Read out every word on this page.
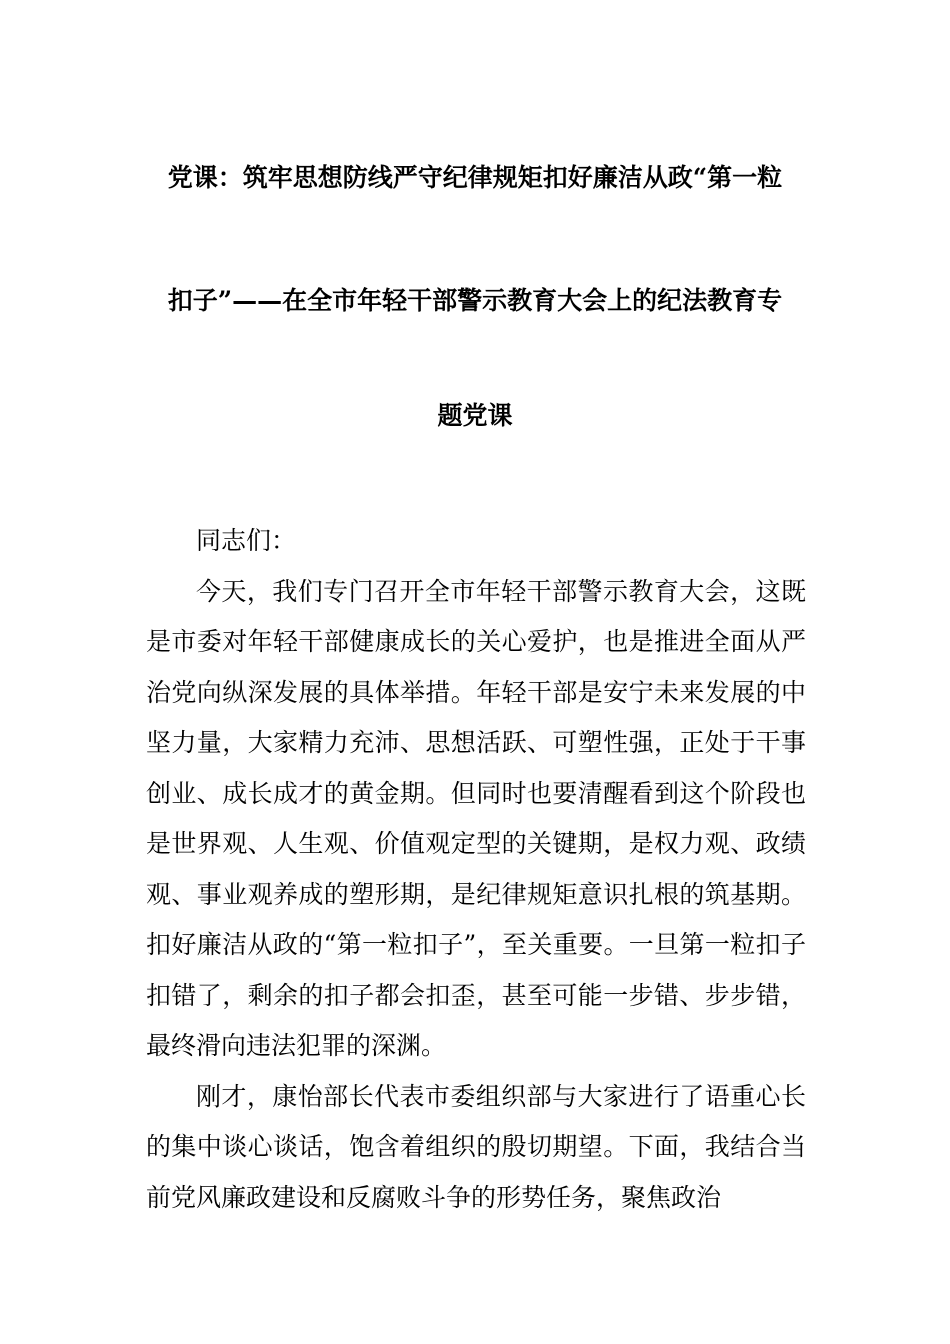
党课：筑牢思想防线严守纪律规矩扣好廉洁从政“第一粒
扣子”——在全市年轻干部警示教育大会上的纪法教育专
题党课

同志们：

今天，我们专门召开全市年轻干部警示教育大会，这既是市委对年轻干部健康成长的关心爱护，也是推进全面从严治党向纵深发展的具体举措。年轻干部是安宁未来发展的中坚力量，大家精力充沛、思想活跃、可塑性强，正处于干事创业、成长成才的黄金期。但同时也要清醒看到这个阶段也是世界观、人生观、价值观定型的关键期，是权力观、政绩观、事业观养成的塑形期，是纪律规矩意识扎根的筑基期。扣好廉洁从政的“第一粒扣子”，至关重要。一旦第一粒扣子扣错了，剩余的扣子都会扣歪，甚至可能一步错、步步错，最终滑向违法犯罪的深渊。

刚才，康怡部长代表市委组织部与大家进行了语重心长的集中谈心谈话，饱含着组织的殷切期望。下面，我结合当前党风廉政建设和反腐败斗争的形势任务，聚焦政治
